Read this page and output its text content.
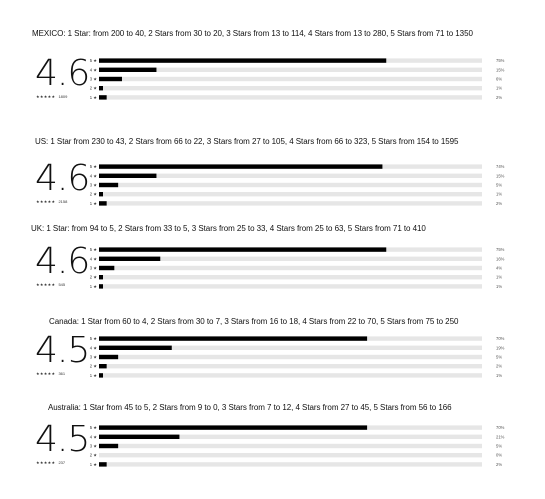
MEXICO: 1 Star: from 200 to 40, 2 Stars from 30 to 20, 3 Stars from 13 to 114, 4 Stars from 13 to 280, 5 Stars from 71 to 1350
4.6
★★★★★ 1809
5 ★	75%
4 ★	15%
3 ★	6%
2 ★	1%
1 ★	2%
US: 1 Star from 230 to 43, 2 Stars from 66 to 22, 3 Stars from 27 to 105, 4 Stars from 66 to 323, 5 Stars from 154 to 1595
4.6
★★★★★ 2158
5 ★	74%
4 ★	15%
3 ★	5%
2 ★	1%
1 ★	2%
UK: 1 Star: from 94 to 5, 2 Stars from 33 to 5, 3 Stars from 25 to 33, 4 Stars from 25 to 63, 5 Stars from 71 to 410
4.6
★★★★★ 545
5 ★	75%
4 ★	16%
3 ★	4%
2 ★	1%
1 ★	1%
Canada: 1 Star from 60 to 4, 2 Stars from 30 to 7, 3 Stars from 16 to 18, 4 Stars from 22 to 70, 5 Stars from 75 to 250
4.5
★★★★★ 361
5 ★	70%
4 ★	19%
3 ★	5%
2 ★	2%
1 ★	1%
Australia: 1 Star from 45 to 5, 2 Stars from 9 to 0, 3 Stars from 7 to 12, 4 Stars from 27 to 45, 5 Stars from 56 to 166
4.5
★★★★★ 237
5 ★	70%
4 ★	21%
3 ★	5%
2 ★	0%
1 ★	2%
